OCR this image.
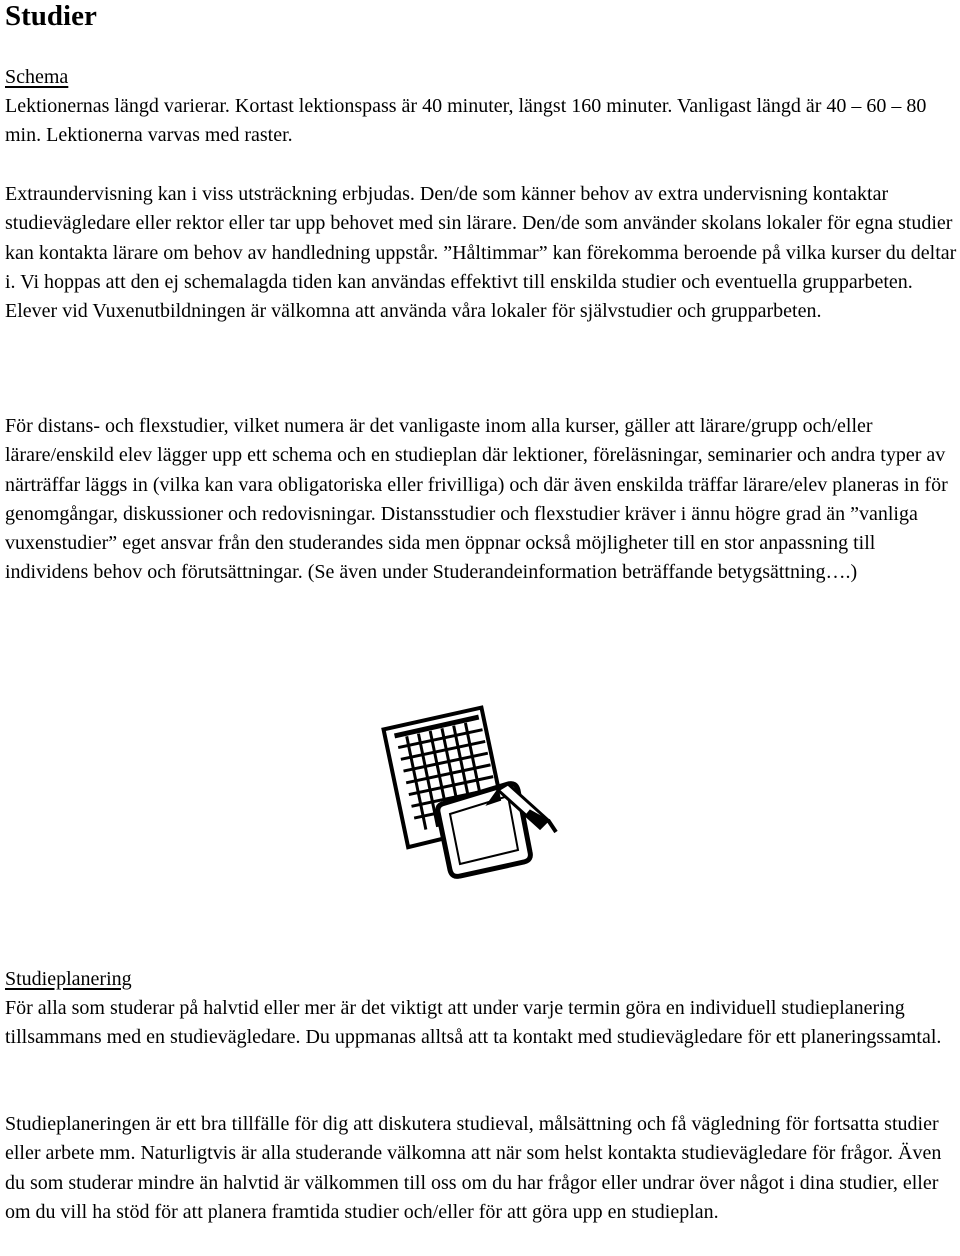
Studier
Schema

Lektionernas längd varierar. Kortast lektionspass är 40 minuter, längst 160 minuter. Vanligast längd är 40 – 60 – 80 min. Lektionerna varvas med raster.

Extraundervisning kan i viss utsträckning erbjudas. Den/de som känner behov av extra undervisning kontaktar studievägledare eller rektor eller tar upp behovet med sin lärare. Den/de som använder skolans lokaler för egna studier kan kontakta lärare om behov av handledning uppstår. ”Håltimmar” kan förekomma beroende på vilka kurser du deltar i. Vi hoppas att den ej schemalagda tiden kan användas effektivt till enskilda studier och eventuella grupparbeten. Elever vid Vuxenutbildningen är välkomna att använda våra lokaler för självstudier och grupparbeten.

För distans- och flexstudier, vilket numera är det vanligaste inom alla kurser, gäller att lärare/grupp och/eller lärare/enskild elev lägger upp ett schema och en studieplan där lektioner, föreläsningar, seminarier och andra typer av närträffar läggs in (vilka kan vara obligatoriska eller frivilliga) och där även enskilda träffar lärare/elev planeras in för genomgångar, diskussioner och redovisningar. Distansstudier och flexstudier kräver i ännu högre grad än ”vanliga vuxenstudier” eget ansvar från den studerandes sida men öppnar också möjligheter till en stor anpassning till individens behov och förutsättningar. (Se även under Studerandeinformation beträffande betygsättning….)

Studieplanering

För alla som studerar på halvtid eller mer är det viktigt att under varje termin göra en individuell studieplanering tillsammans med en studievägledare. Du uppmanas alltså att ta kontakt med studievägledare för ett planeringssamtal.

Studieplaneringen är ett bra tillfälle för dig att diskutera studieval, målsättning och få vägledning för fortsatta studier eller arbete mm. Naturligtvis är alla studerande välkomna att när som helst kontakta studievägledare för frågor. Även du som studerar mindre än halvtid är välkommen till oss om du har frågor eller undrar över något i dina studier, eller om du vill ha stöd för att planera framtida studier och/eller för att göra upp en studieplan.
